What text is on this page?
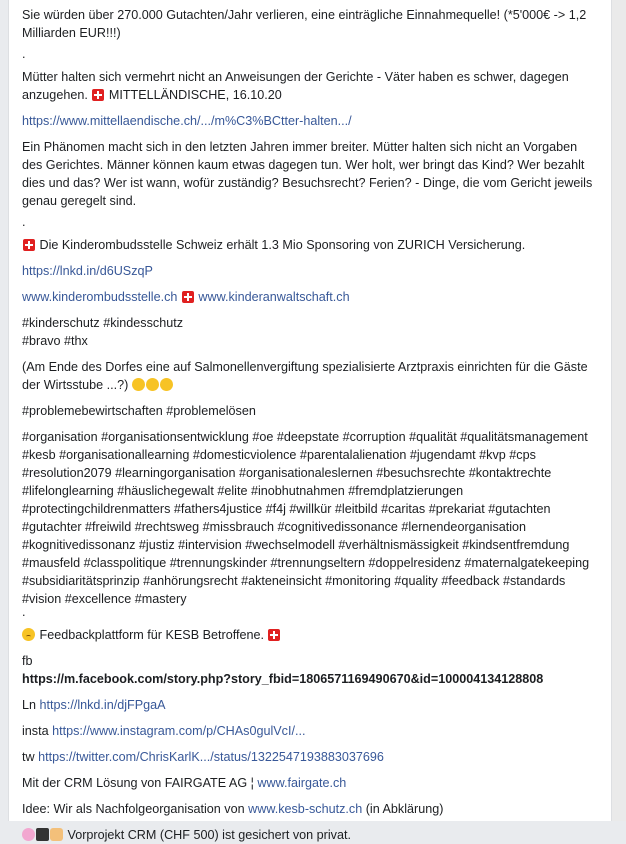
Sie würden über 270.000 Gutachten/Jahr verlieren, eine einträgliche Einnahmequelle! (*5'000€ -> 1,2 Milliarden EUR!!!)

.

Mütter halten sich vermehrt nicht an Anweisungen der Gerichte - Väter haben es schwer, dagegen anzugehen. MITTELLÄNDISCHE, 16.10.20

https://www.mittellaendische.ch/.../m%C3%BCtter-halten.../

Ein Phänomen macht sich in den letzten Jahren immer breiter. Mütter halten sich nicht an Vorgaben des Gerichtes. Männer können kaum etwas dagegen tun. Wer holt, wer bringt das Kind? Wer bezahlt dies und das? Wer ist wann, wofür zuständig? Besuchsrecht? Ferien? - Dinge, die vom Gericht jeweils genau geregelt sind.

.

Die Kinderombudsstelle Schweiz erhält 1.3 Mio Sponsoring von ZURICH Versicherung.

https://lnkd.in/d6USzqP

www.kinderombudsstelle.ch www.kinderanwaltschaft.ch

#kinderschutz #kindesschutz

#bravo #thx

(Am Ende des Dorfes eine auf Salmonellenvergiftung spezialisierte Arztpraxis einrichten für die Gäste der Wirtsstube ...?)

#problemebewirtschaften #problemelösen

#organisation #organisationsentwicklung #oe #deepstate #corruption #qualität #qualitätsmanagement #kesb #organisationallearning #domesticviolence #parentalalienation #jugendamt #kvp #cps #resolution2079 #learningorganisation #organisationaleslernen #besuchsrechte #kontaktrechte #lifelonglearning #häuslichegewalt #elite #inobhutnahmen #fremdplatzierungen #protectingchildrenmatters #fathers4justice #f4j #willkür #leitbild #caritas #prekariat #gutachten #gutachter #freiwild #rechtsweg #missbrauch #cognitivedissonance #lernendeorganisation #kognitivedissonanz #justiz #intervision #wechselmodell #verhältnismässigkeit #kindsentfremdung #mausfeld #classpolitique #trennungskinder #trennungseltern #doppelresidenz #maternalgatekeeping #subsidiaritätsprinzip #anhörungsrecht #akteneinsicht #monitoring #quality #feedback #standards #vision #excellence #mastery

.

Feedbackplattform für KESB Betroffene.

fb

https://m.facebook.com/story.php?story_fbid=1806571169490670&id=100004134128808

Ln https://lnkd.in/djFPgaA

insta https://www.instagram.com/p/CHAs0gulVcI/...

tw https://twitter.com/ChrisKarlK.../status/1322547193883037696

Mit der CRM Lösung von FAIRGATE AG ¦ www.fairgate.ch

Idee: Wir als Nachfolgeorganisation von www.kesb-schutz.ch (in Abklärung)

Vorprojekt CRM (CHF 500) ist gesichert von privat.
